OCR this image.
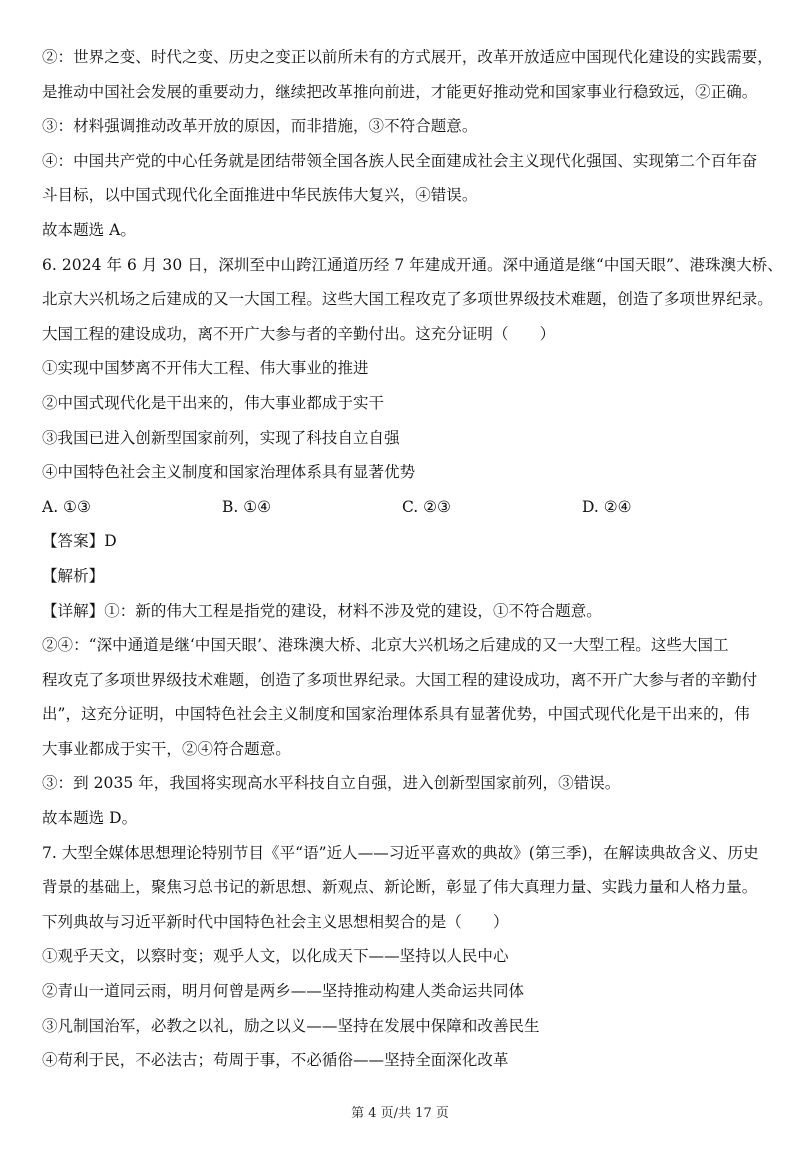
②：世界之变、时代之变、历史之变正以前所未有的方式展开，改革开放适应中国现代化建设的实践需要，
是推动中国社会发展的重要动力，继续把改革推向前进，才能更好推动党和国家事业行稳致远，②正确。
③：材料强调推动改革开放的原因，而非措施，③不符合题意。
④：中国共产党的中心任务就是团结带领全国各族人民全面建成社会主义现代化强国、实现第二个百年奋
斗目标，以中国式现代化全面推进中华民族伟大复兴，④错误。
故本题选 A。
6. 2024 年 6 月 30 日，深圳至中山跨江通道历经 7 年建成开通。深中通道是继“中国天眼”、港珠澳大桥、
北京大兴机场之后建成的又一大国工程。这些大国工程攻克了多项世界级技术难题，创造了多项世界纪录。
大国工程的建设成功，离不开广大参与者的辛勤付出。这充分证明（　　）
①实现中国梦离不开伟大工程、伟大事业的推进
②中国式现代化是干出来的，伟大事业都成于实干
③我国已进入创新型国家前列，实现了科技自立自强
④中国特色社会主义制度和国家治理体系具有显著优势
A. ①③	B. ①④	C. ②③	D. ②④
【答案】D
【解析】
【详解】①：新的伟大工程是指党的建设，材料不涉及党的建设，①不符合题意。
②④：“深中通道是继‘中国天眼’、港珠澳大桥、北京大兴机场之后建成的又一大型工程。这些大国工
程攻克了多项世界级技术难题，创造了多项世界纪录。大国工程的建设成功，离不开广大参与者的辛勤付
出”，这充分证明，中国特色社会主义制度和国家治理体系具有显著优势，中国式现代化是干出来的，伟
大事业都成于实干，②④符合题意。
③：到 2035 年，我国将实现高水平科技自立自强，进入创新型国家前列，③错误。
故本题选 D。
7. 大型全媒体思想理论特别节目《平“语”近人——习近平喜欢的典故》(第三季)，在解读典故含义、历史
背景的基础上，聚焦习总书记的新思想、新观点、新论断，彰显了伟大真理力量、实践力量和人格力量。
下列典故与习近平新时代中国特色社会主义思想相契合的是（　　）
①观乎天文，以察时变；观乎人文，以化成天下——坚持以人民中心
②青山一道同云雨，明月何曾是两乡——坚持推动构建人类命运共同体
③凡制国治军，必教之以礼，励之以义——坚持在发展中保障和改善民生
④苟利于民，不必法古；苟周于事，不必循俗——坚持全面深化改革
第 4 页/共 17 页
